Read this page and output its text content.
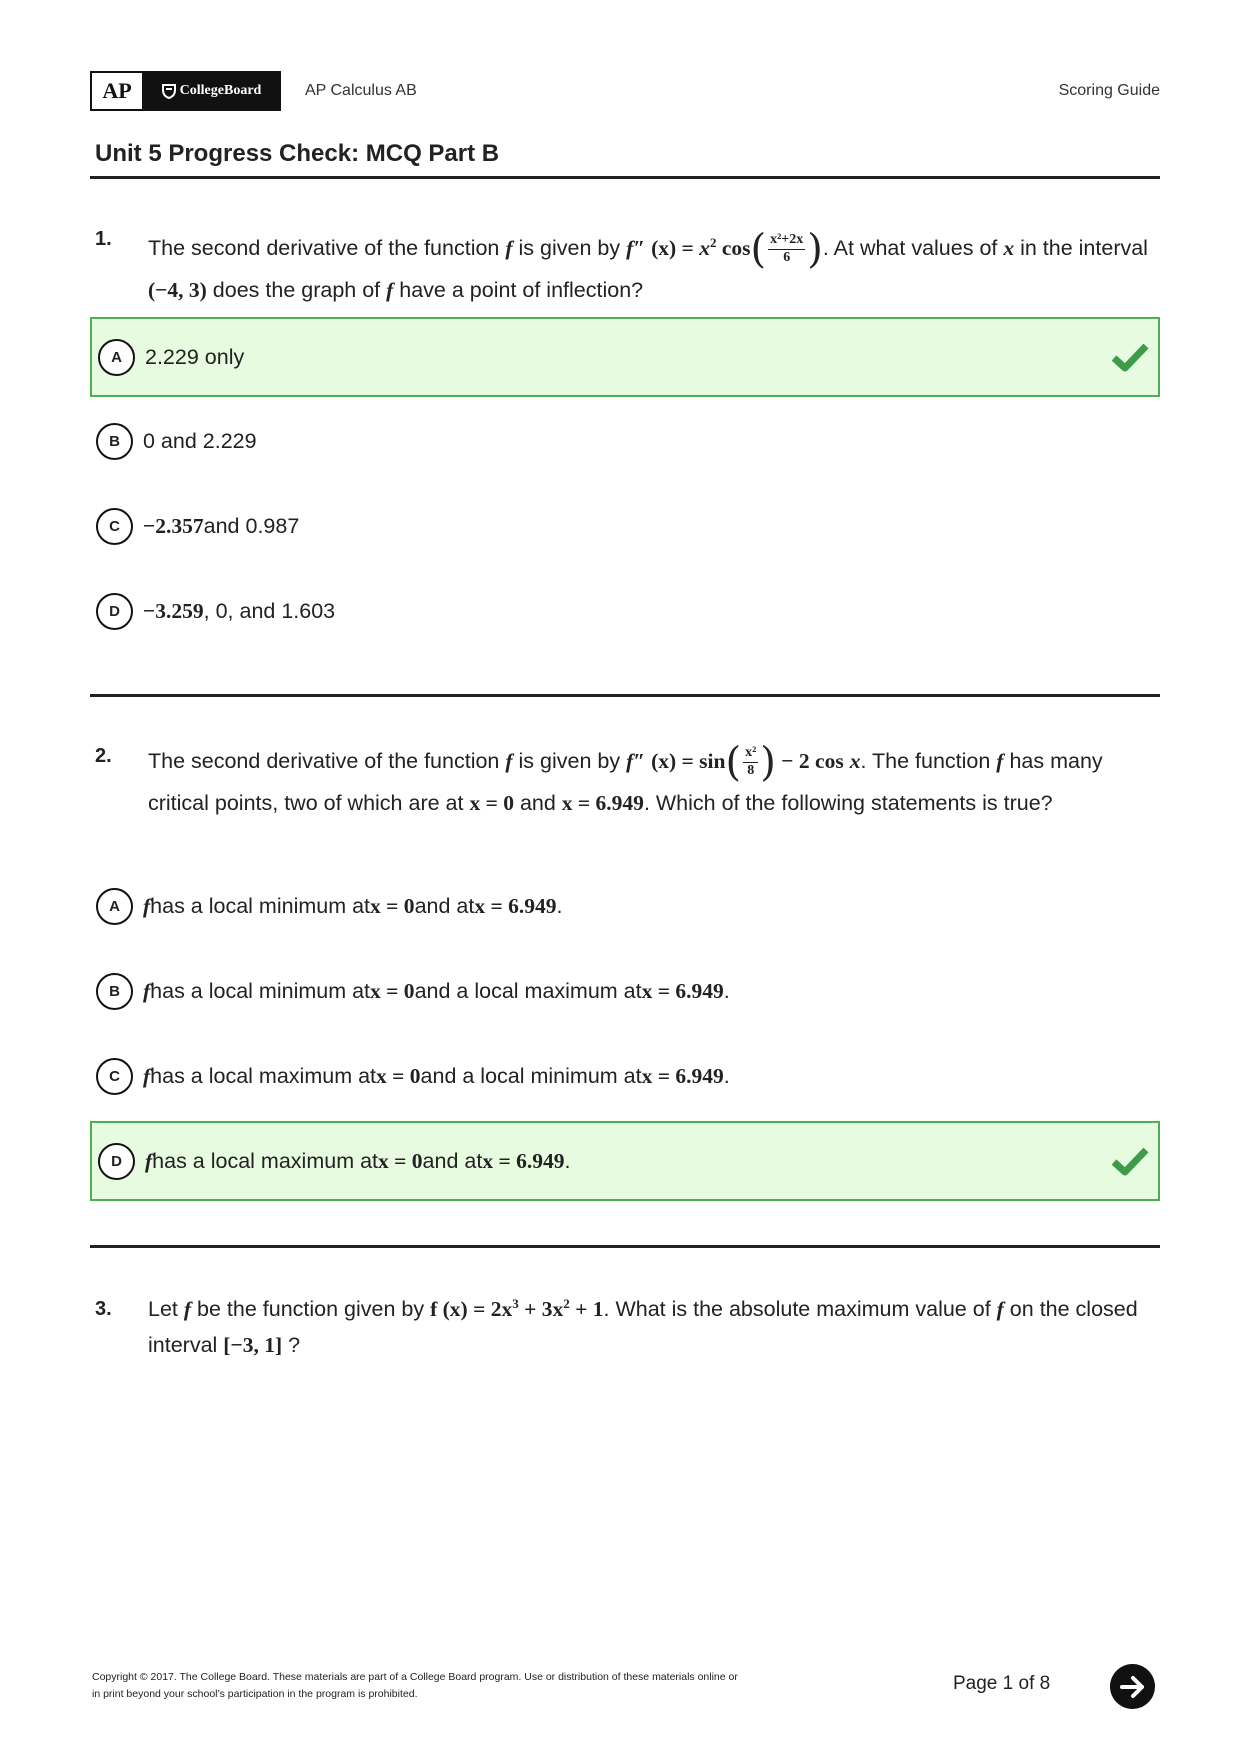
AP	CollegeBoard	AP Calculus AB	Scoring Guide
Unit 5 Progress Check: MCQ Part B
1. The second derivative of the function f is given by f″ $(x) = x^2$ $\cos( \frac{\text{x²+2x}}{6}$ ). At what values of x in the interval (−4, 3) does the graph of f have a point of inflection?
A	2.229 only
B	0 and 2.229
C	−2.357 and 0.987
D	−3.259 , 0, and 1.603
2. The second derivative of the function f is given by f″ $(x) = \sin( \frac{\text{x²}}{8}$ ) − 2 cos x. The function f has many critical points, two of which are at x = 0 and x = 6.949. Which of the following statements is true?
A	f has a local minimum at x = 0 and at x = 6.949 .
B	f has a local minimum at x = 0 and a local maximum at x = 6.949 .
C	f has a local maximum at x = 0 and a local minimum at x = 6.949 .
D	f has a local maximum at x = 0 and at x = 6.949 .
3. Let f be the function given by f $(x) = 2x^3 + 3x^2 + 1$. What is the absolute maximum value of f on the closed interval [−3, 1] ?
Copyright © 2017. The College Board. These materials are part of a College Board program. Use or distribution of these materials online or
in print beyond your school’s participation in the program is prohibited.	Page 1 of 8
